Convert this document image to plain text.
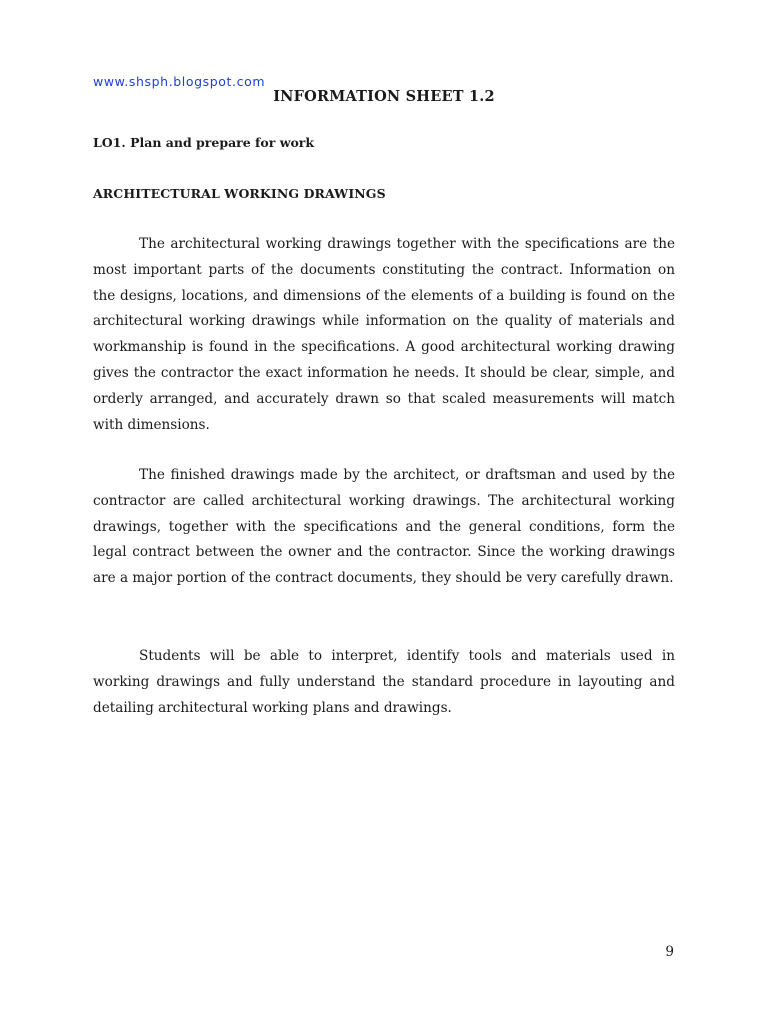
www.shsph.blogspot.com
INFORMATION SHEET 1.2
LO1. Plan and prepare for work
ARCHITECTURAL WORKING DRAWINGS

The architectural working drawings together with the specifications are the most important parts of the documents constituting the contract. Information on the designs, locations, and dimensions of the elements of a building is found on the architectural working drawings while information on the quality of materials and workmanship is found in the specifications. A good architectural working drawing gives the contractor the exact information he needs. It should be clear, simple, and orderly arranged, and accurately drawn so that scaled measurements will match with dimensions.

The finished drawings made by the architect, or draftsman and used by the contractor are called architectural working drawings. The architectural working drawings, together with the specifications and the general conditions, form the legal contract between the owner and the contractor. Since the working drawings are a major portion of the contract documents, they should be very carefully drawn.

Students will be able to interpret, identify tools and materials used in working drawings and fully understand the standard procedure in layouting and detailing architectural working plans and drawings.

9
